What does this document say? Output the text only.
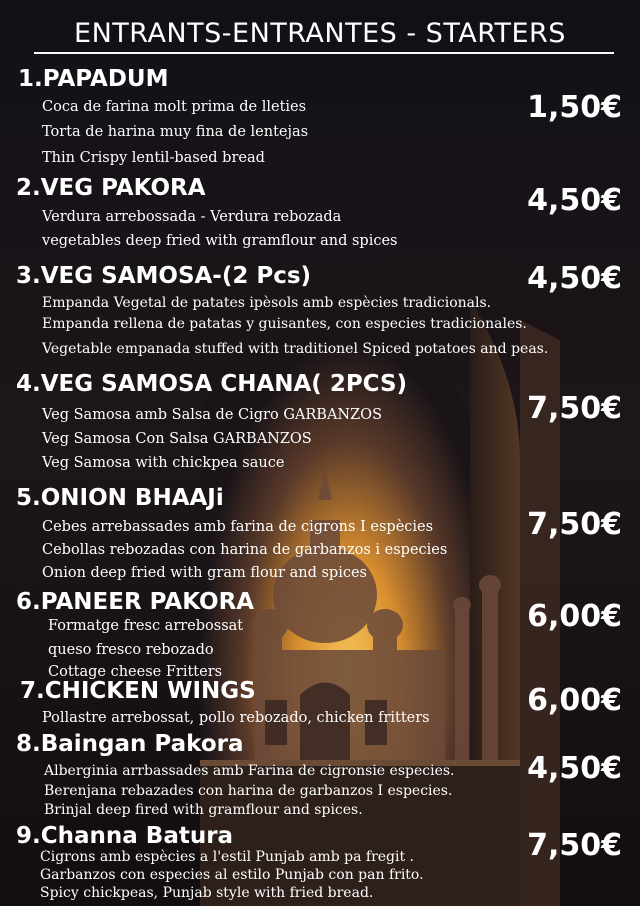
ENTRANTS-ENTRANTES - STARTERS
1.PAPADUM
Coca de farina molt prima de lleties
Torta de harina muy fina de lentejas
Thin Crispy lentil-based bread
1,50€
2.VEG PAKORA
Verdura arrebossada - Verdura rebozada
vegetables deep fried with gramflour and spices
4,50€
3.VEG SAMOSA-(2 Pcs)
Empanda Vegetal de patates ipèsols amb espècies tradicionals.
Empanda rellena de patatas y guisantes, con especies tradicionales.
Vegetable empanada stuffed with traditionel Spiced potatoes and peas.
4,50€
4.VEG SAMOSA CHANA( 2PCS)
Veg Samosa amb Salsa de Cigro GARBANZOS
Veg Samosa Con Salsa GARBANZOS
Veg Samosa with chickpea sauce
7,50€
5.ONION BHAAJi
Cebes arrebassades amb farina de cigrons I espècies
Cebollas rebozadas con harina de garbanzos i especies
Onion deep fried with gram flour and spices
7,50€
6.PANEER PAKORA
Formatge fresc arrebossat
queso fresco rebozado
Cottage cheese Fritters
6,00€
7.CHICKEN WINGS
Pollastre arrebossat, pollo rebozado, chicken fritters	6,00€
8.Baingan Pakora
Alberginia arrbassades amb Farina de cigronsie especies.
Berenjana rebazades con harina de garbanzos I especies.
Brinjal deep fired with gramflour and spices.
4,50€
9.Channa Batura
Cigrons amb espècies a l'estil Punjab amb pa fregit .
Garbanzos con especies al estilo Punjab con pan frito.
Spicy chickpeas, Punjab style with fried bread.
7,50€
